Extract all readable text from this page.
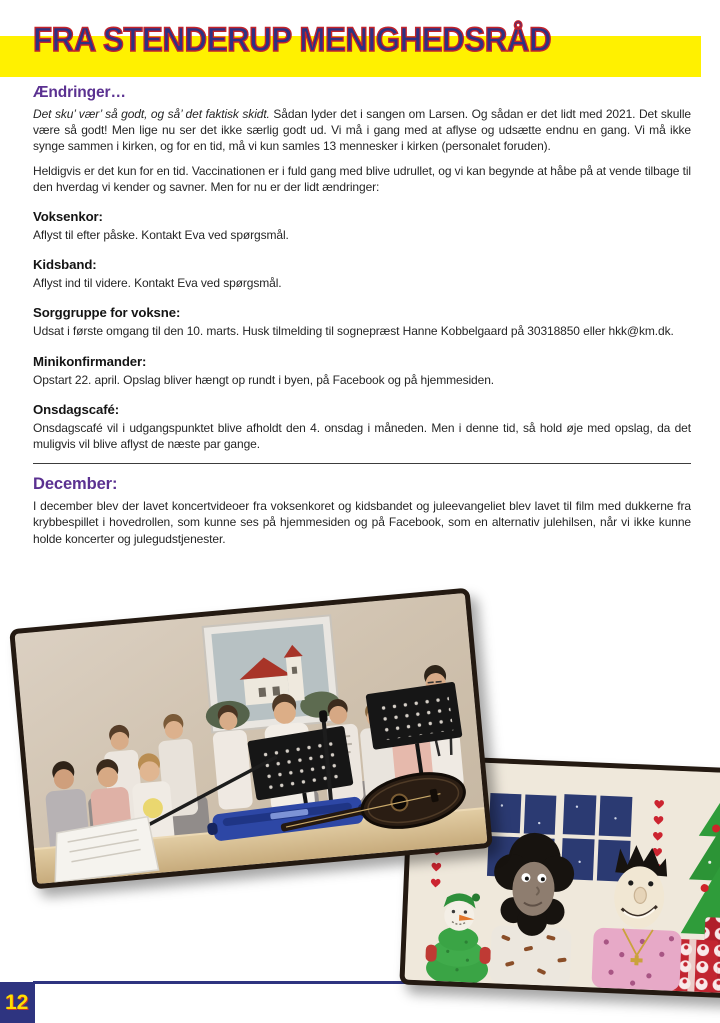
FRA STENDERUP MENIGHEDSRÅD
Ændringer…

Det sku’ vær’ så godt, og så’ det faktisk skidt. Sådan lyder det i sangen om Larsen. Og sådan er det lidt med 2021. Det skulle være så godt! Men lige nu ser det ikke særlig godt ud. Vi må i gang med at aflyse og udsætte endnu en gang. Vi må ikke synge sammen i kirken, og for en tid, må vi kun samles 13 mennesker i kirken (personalet foruden).

Heldigvis er det kun for en tid. Vaccinationen er i fuld gang med blive udrullet, og vi kan begynde at håbe på at vende tilbage til den hverdag vi kender og savner. Men for nu er der lidt ændringer:

Voksenkor:

Aflyst til efter påske. Kontakt Eva ved spørgsmål.

Kidsband:

Aflyst ind til videre. Kontakt Eva ved spørgsmål.

Sorggruppe for voksne:

Udsat i første omgang til den 10. marts. Husk tilmelding til sognepræst Hanne Kobbelgaard på 30318850 eller hkk@km.dk.

Minikonfirmander:

Opstart 22. april. Opslag bliver hængt op rundt i byen, på Facebook og på hjemmesiden.

Onsdagscafé:

Onsdagscafé vil i udgangspunktet blive afholdt den 4. onsdag i måneden. Men i denne tid, så hold øje med opslag, da det muligvis vil blive aflyst de næste par gange.

December:

I december blev der lavet koncertvideoer fra voksenkoret og kidsbandet og juleevangeliet blev lavet til film med dukkerne fra krybbespillet i hovedrollen, som kunne ses på hjemmesiden og på Facebook, som en alternativ julehilsen, når vi ikke kunne holde koncerter og julegudstjenester.

12
